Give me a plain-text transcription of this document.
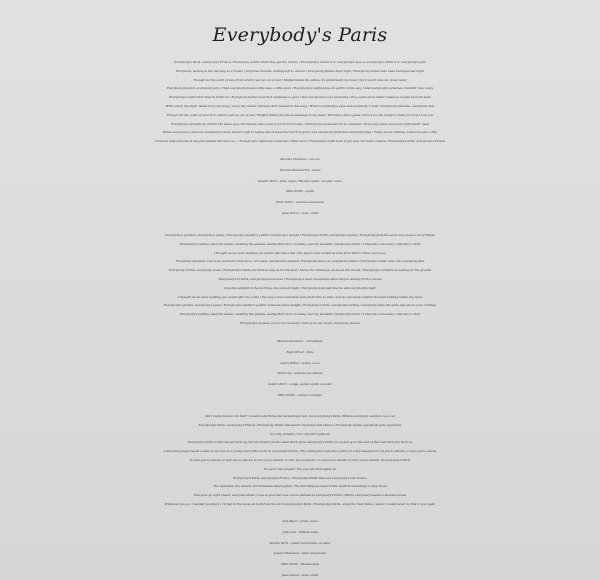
Everybody's Paris

Everybody's Paris, everybody's France / Everybody comin' when they get the chance / Everybody's notion is to everybody's way so everybody's lotion is to everybody's pain

Everybody waiting in the morning in a trance / forgotten dreams, nothing left to chance / Everybody flashes inner light / Everybody darker who been betrayed last night

Though not the point of view from which I get up out of bed / Stuffed inside the pillow, it's underneath my head / but it won't take me down today

Everybody found it, everybody sure / Then everybody found a little less, a little more / Everybody's nightmares are gettin' in the way / And everybody's schemes crumblin' true today

Everybody's softer than they're lettin' on / Everybody harder now that loneliness is gone / Not everybody's over yesterday / It's a spell we're under, keeps us caught up in its sway

While every day light, while every day long / every day chasin' through dark tunnels in this song / Where everybody's eyes and everybody 's bust / Everybody universe, everybody dust

Though not the point of view from which I get up out of bed / Stuffed inside the pillow, sideways in my head / Morning's still a game, there's no one really to blame for how I love you

Everybody's straight up runnin' the same way / Everybody older even if you're born today / Everybody knows but I'm so confused / Every day anew and every night feelin' used

When everyone's a pawn in everybody's chain, there's right in losing and at least that much in gain / Cus everybody finds that everybody flips / Today you're rushing, tomorrow just a drip

Could be anybody's black day just outside the door, so... / Everybody's right now could use a little more / Everybody's right here if you give 'em half a chance / Everybody's Paris, everybody's France

Maxime Chamoux - tin can

Thomas Hammerton - piano

Sandro Perri - bass, organ, Rhodes, synth, vocoder, voice

Mike Smith - synth

Ernie Tollar - soprano saxophone

Jesse Zubot - viola, violin

Everybody's gardens, everybody's gates / Everybody's pusher's pushin' everybody's weight / Everybody's Paris, everybody's spring / Everybody feels the same way about a lot of things

Everybody's putting away the plates / washing the glasses, seeing their face / Looking over my shoulder, everybody's there / I step into a doorway, I slip into a chair

I thought as we were walking you would offer me a line / the way a lover somehow does from time to time / but noo-o

Everybody's flowers, love to be received / held up to our noses, everybody's pleased / Everybody sees you, everybody smiles / Everybody's nails come out, everybody flies

Everybody circles, everybody bows / Everybody's hands are held as long as it's allowed / Above the chimneys, up above the clouds / Everybody's airplane is looking for the ground

Everybody's in Paris, everybody's been seen / Everybody's been recognized when they're waking from a dream

Like the sunlight in the morning, the stars at night / Everybody feels just like me and everybody's right

I thought as we were walking you would offer me a line / the way a lover somehow does from time to time / but no one takes comfort in lovers holding hands any more

Everybody's garden, everybody's gates / Everybody's pusher's pushin' someone else's weight / Everybody's Paris, everybody's spring / everybody feels the same way about a lot of things

Everybody's putting away the plates / washing the glasses, seeing their face / Looking over my shoulder, everybody's there / I step into a doorway, I slip into a chair

Everybody's flowers, love to be received / held up to our noses, everybody sneeze

Michael Davidson - vibraphone

Ryan Driver - flute

Andre Ethier - lyrics, voice

Karen Ng - soprano saxophone

Sandro Perri - conga, guitar, synth, vocoder

Mike Smith - bongos, triangle

Did I really mean to do that? / London and Rome feel sickeningly real, not everybody's Paris / Where everybody wants to be a cat

Everybody's Paris, everybody's France / Everybody thinks this wasn't anybody's last chance / Everybody wants, everybody gets cigarettes

In a city of lights / In a city that lights up

Everybody wants to fall and get back up, but all around you the dead stack up in everybody's Paris / Look just go to the end of the road then you back up

A labouring angel needs a baby to be born to a young man with a horn in everybody's Paris / The ceiling fan looks like a plan for a sky designed to cut you to shreds, to tear you to pieces

To tear you to pieces, to tear you to pieces, to cut you to shreds, to tear you to pieces / to cut you to shreds, to tear you to shreds, in everybody's Paris

It's your city of light / It's your city that lights up

Everybody's Paris, everybody's France / Everybody thinks this was everybody's last chance

The nameless, the named, the blameless dead apples / The last thing we need in this world is something to sing about

Everyone go right ahead, everyone shred / Love is good but love can be wielded in everybody's Paris / Where everybody haunts a haunted house

Wherever you go, I wanted you there / 10 feet in the snow, an inch from the air in everybody's Paris / Everybody's Paris, along the river Seine / swore I would never do this to you again

Dan Bejar - lyrics, voice

Josh Cole - fretless bass

Sandro Perri - guitar, harmonica, vocoder

Joseph Shabason - tenor saxophone

Mike Smith - Rhodes bass

Jesse Zubot - viola, violin
